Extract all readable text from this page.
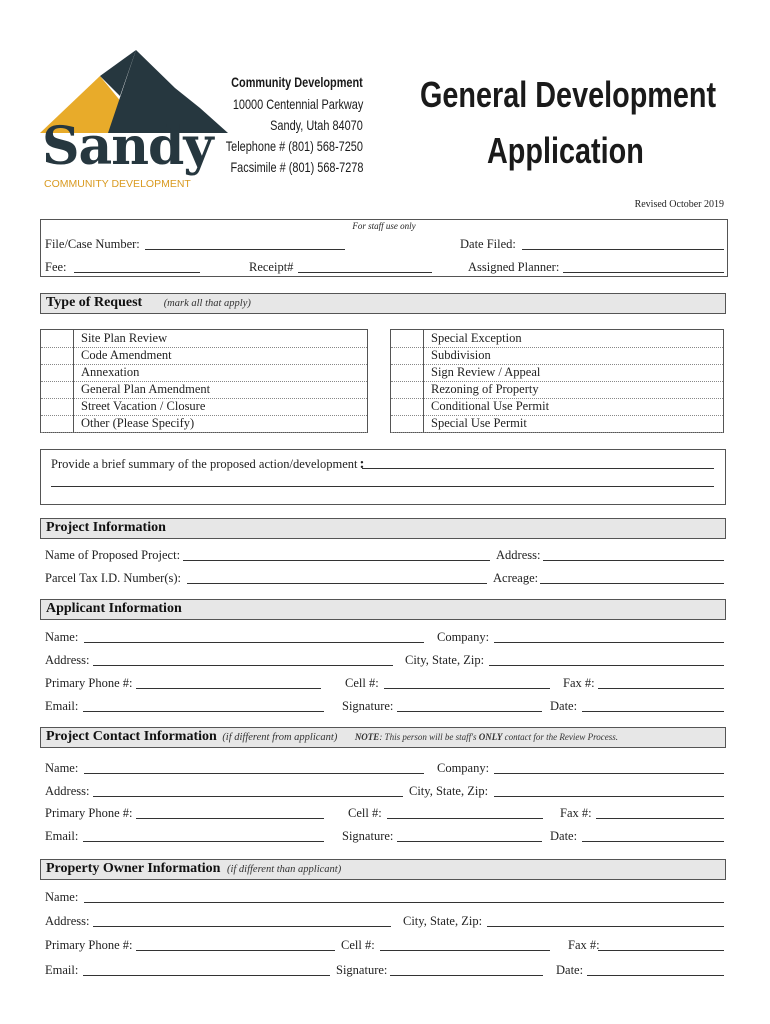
Sandy
COMMUNITY DEVELOPMENT
Community Development
10000 Centennial Parkway
Sandy, Utah 84070
Telephone # (801) 568-7250
Facsimile # (801) 568-7278
General Development
Application
Revised October 2019
For staff use only
File/Case Number:	Date Filed:
Fee:	Receipt#	Assigned Planner:
Type of Request (mark all that apply)
Site Plan Review
Code Amendment
Annexation
General Plan Amendment
Street Vacation / Closure
Other (Please Specify)
Special Exception
Subdivision
Sign Review / Appeal
Rezoning of Property
Conditional Use Permit
Special Use Permit
Provide a brief summary of the proposed action/development :
Project Information
Name of Proposed Project:	Address:
Parcel Tax I.D. Number(s):	Acreage:
Applicant Information
Name:	Company:
Address:	City, State, Zip:
Primary Phone #:	Cell #:	Fax #:
Email:	Signature:	Date:
Project Contact Information (if different from applicant) NOTE: This person will be staff's ONLY contact for the Review Process.
Name:	Company:
Address:	City, State, Zip:
Primary Phone #:	Cell #:	Fax #:
Email:	Signature:	Date:
Property Owner Information (if different than applicant)
Name:
Address:	City, State, Zip:
Primary Phone #:	Cell #:	Fax #:
Email:	Signature:	Date:
